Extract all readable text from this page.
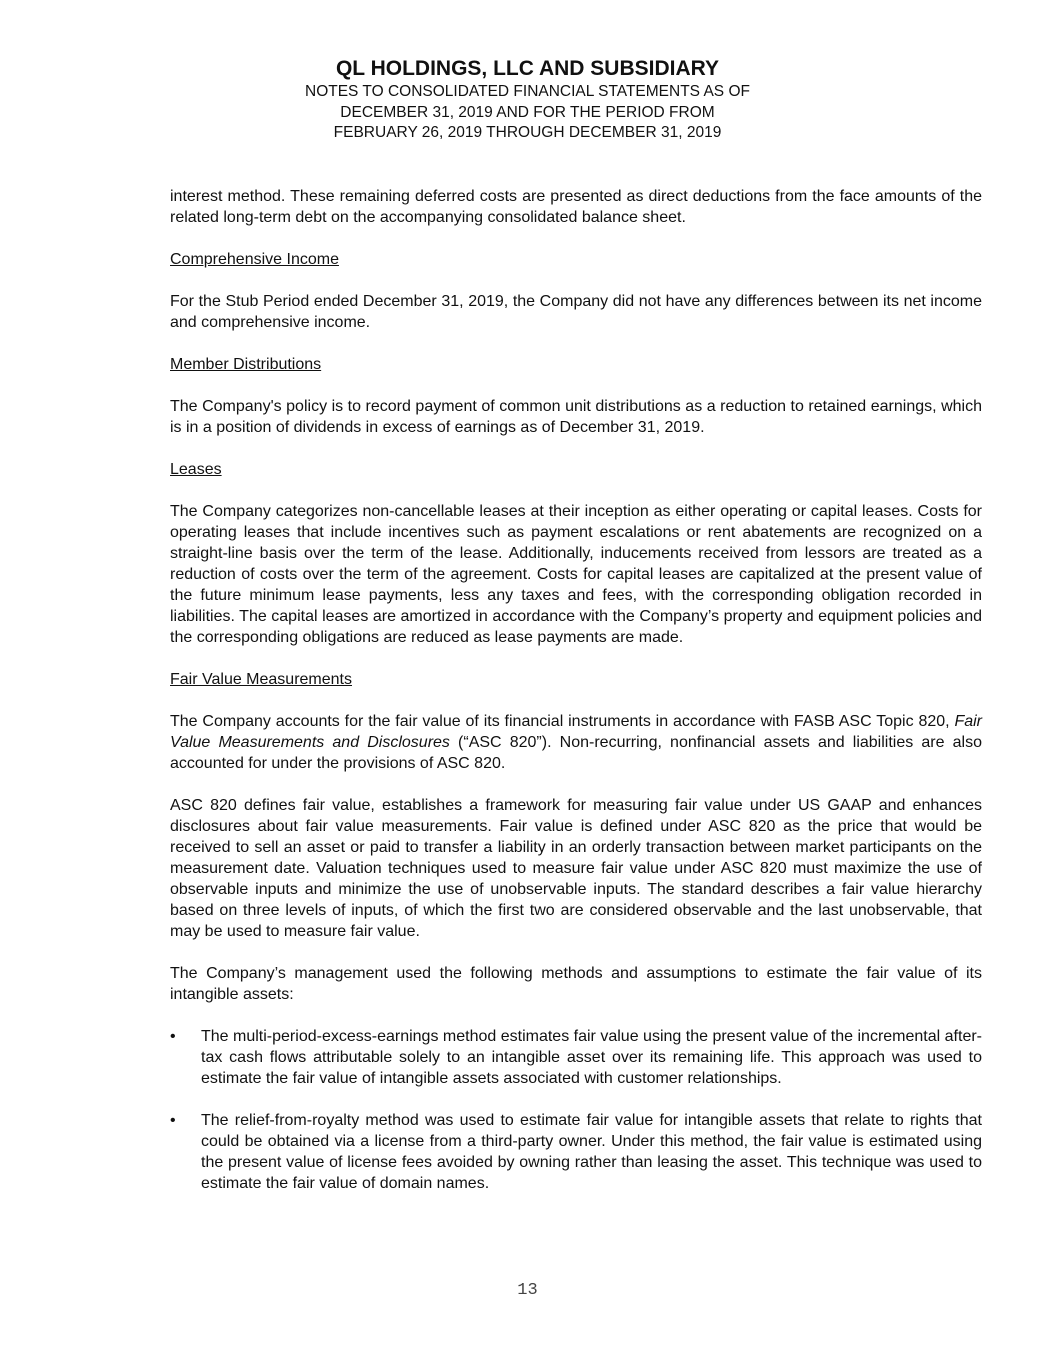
QL HOLDINGS, LLC AND SUBSIDIARY

NOTES TO CONSOLIDATED FINANCIAL STATEMENTS AS OF

DECEMBER 31, 2019 AND FOR THE PERIOD FROM

FEBRUARY 26, 2019 THROUGH DECEMBER 31, 2019

interest method. These remaining deferred costs are presented as direct deductions from the face amounts of the related long-term debt on the accompanying consolidated balance sheet.

Comprehensive Income

For the Stub Period ended December 31, 2019, the Company did not have any differences between its net income and comprehensive income.

Member Distributions

The Company's policy is to record payment of common unit distributions as a reduction to retained earnings, which is in a position of dividends in excess of earnings as of December 31, 2019.

Leases

The Company categorizes non-cancellable leases at their inception as either operating or capital leases. Costs for operating leases that include incentives such as payment escalations or rent abatements are recognized on a straight-line basis over the term of the lease. Additionally, inducements received from lessors are treated as a reduction of costs over the term of the agreement. Costs for capital leases are capitalized at the present value of the future minimum lease payments, less any taxes and fees, with the corresponding obligation recorded in liabilities. The capital leases are amortized in accordance with the Company’s property and equipment policies and the corresponding obligations are reduced as lease payments are made.

Fair Value Measurements

The Company accounts for the fair value of its financial instruments in accordance with FASB ASC Topic 820, Fair Value Measurements and Disclosures (“ASC 820”). Non-recurring, nonfinancial assets and liabilities are also accounted for under the provisions of ASC 820.

ASC 820 defines fair value, establishes a framework for measuring fair value under US GAAP and enhances disclosures about fair value measurements. Fair value is defined under ASC 820 as the price that would be received to sell an asset or paid to transfer a liability in an orderly transaction between market participants on the measurement date. Valuation techniques used to measure fair value under ASC 820 must maximize the use of observable inputs and minimize the use of unobservable inputs. The standard describes a fair value hierarchy based on three levels of inputs, of which the first two are considered observable and the last unobservable, that may be used to measure fair value.

The Company’s management used the following methods and assumptions to estimate the fair value of its intangible assets:

• The multi-period-excess-earnings method estimates fair value using the present value of the incremental after-tax cash flows attributable solely to an intangible asset over its remaining life. This approach was used to estimate the fair value of intangible assets associated with customer relationships.
• The relief-from-royalty method was used to estimate fair value for intangible assets that relate to rights that could be obtained via a license from a third-party owner. Under this method, the fair value is estimated using the present value of license fees avoided by owning rather than leasing the asset. This technique was used to estimate the fair value of domain names.
13
